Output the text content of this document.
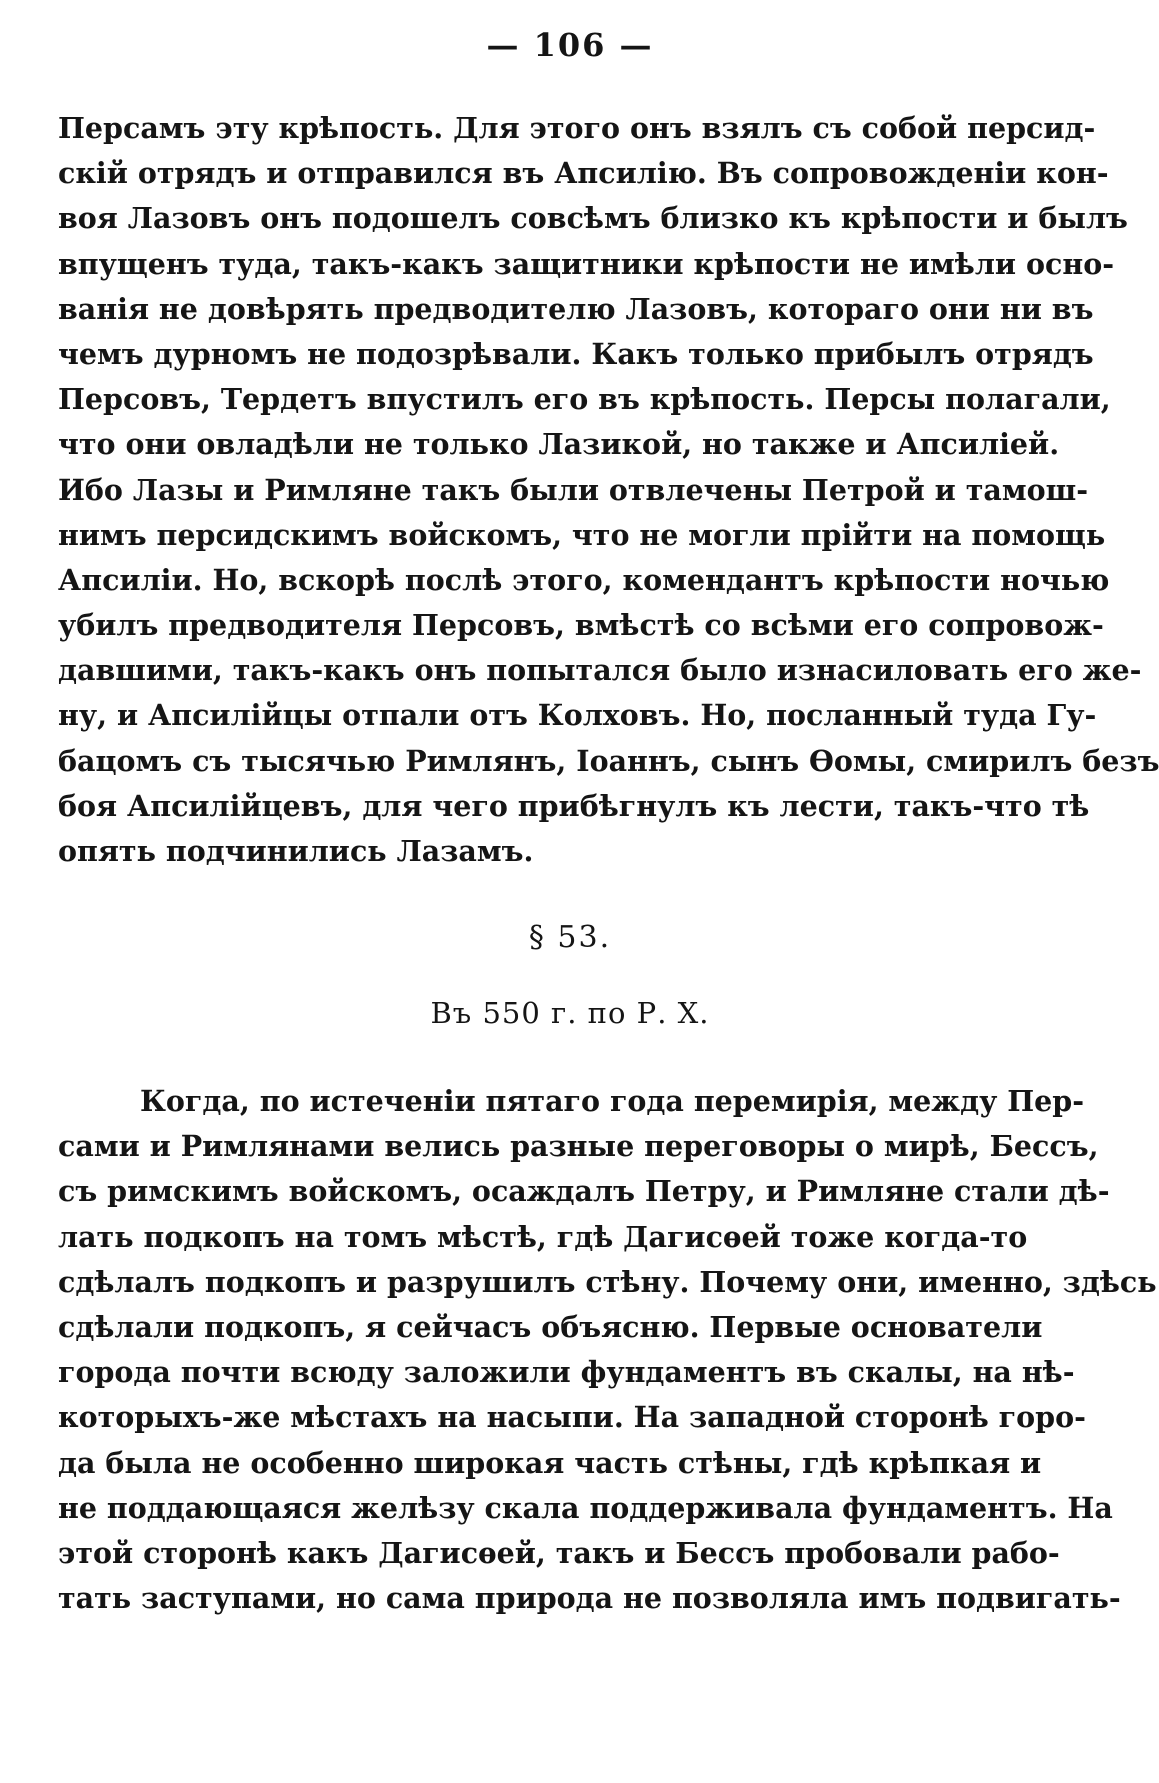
— 106 —
Персамъ эту крѣпость. Для этого онъ взялъ съ собой персид-
скій отрядъ и отправился въ Апсилію. Въ сопровожденіи кон-
воя Лазовъ онъ подошелъ совсѣмъ близко къ крѣпости и былъ
впущенъ туда, такъ-какъ защитники крѣпости не имѣли осно-
ванія не довѣрять предводителю Лазовъ, котораго они ни въ
чемъ дурномъ не подозрѣвали. Какъ только прибылъ отрядъ
Персовъ, Тердетъ впустилъ его въ крѣпость. Персы полагали,
что они овладѣли не только Лазикой, но также и Апсиліей.
Ибо Лазы и Римляне такъ были отвлечены Петрой и тамош-
нимъ персидскимъ войскомъ, что не могли прійти на помощь
Апсиліи. Но, вскорѣ послѣ этого, комендантъ крѣпости ночью
убилъ предводителя Персовъ, вмѣстѣ со всѣми его сопровож-
давшими, такъ-какъ онъ попытался было изнасиловать его же-
ну, и Апсилійцы отпали отъ Колховъ. Но, посланный туда Гу-
бацомъ съ тысячью Римлянъ, Іоаннъ, сынъ Ѳомы, смирилъ безъ
боя Апсилійцевъ, для чего прибѣгнулъ къ лести, такъ-что тѣ
опять подчинились Лазамъ.
§ 53.
Въ 550 г. по Р. Х.
Когда, по истеченіи пятаго года перемирія, между Пер-
сами и Римлянами велись разные переговоры о мирѣ, Бессъ,
съ римскимъ войскомъ, осаждалъ Петру, и Римляне стали дѣ-
лать подкопъ на томъ мѣстѣ, гдѣ Дагисѳей тоже когда-то
сдѣлалъ подкопъ и разрушилъ стѣну. Почему они, именно, здѣсь
сдѣлали подкопъ, я сейчасъ объясню. Первые основатели
города почти всюду заложили фундаментъ въ скалы, на нѣ-
которыхъ-же мѣстахъ на насыпи. На западной сторонѣ горо-
да была не особенно широкая часть стѣны, гдѣ крѣпкая и
не поддающаяся желѣзу скала поддерживала фундаментъ. На
этой сторонѣ какъ Дагисѳей, такъ и Бессъ пробовали рабо-
тать заступами, но сама природа не позволяла имъ подвигать-
